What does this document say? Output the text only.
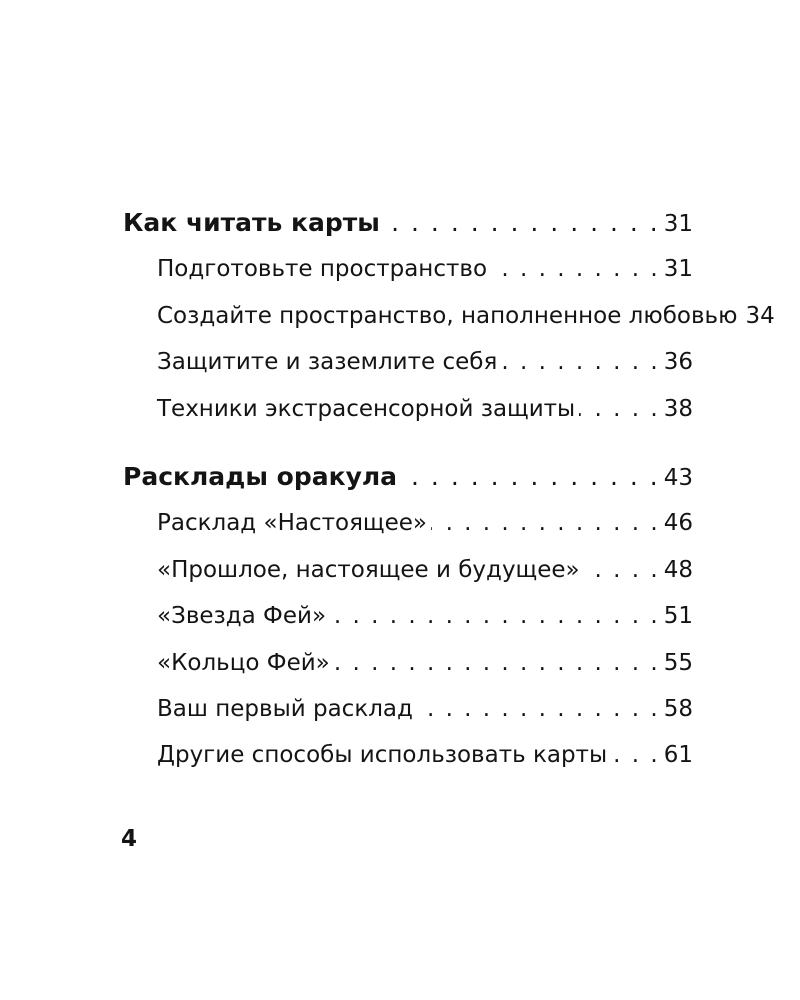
Как читать карты . . .	31
Подготовьте пространство . . .	31
Создайте пространство, наполненное любовью 34
Защитите и заземлите себя . . .	36
Техники экстрасенсорной защиты . . .	38
Расклады оракула . . .	43
Расклад «Настоящее» . . .	46
«Прошлое, настоящее и будущее» . . .	48
«Звезда Фей» . . .	51
«Кольцо Фей» . . .	55
Ваш первый расклад . . .	58
Другие способы использовать карты . . . 61
4
